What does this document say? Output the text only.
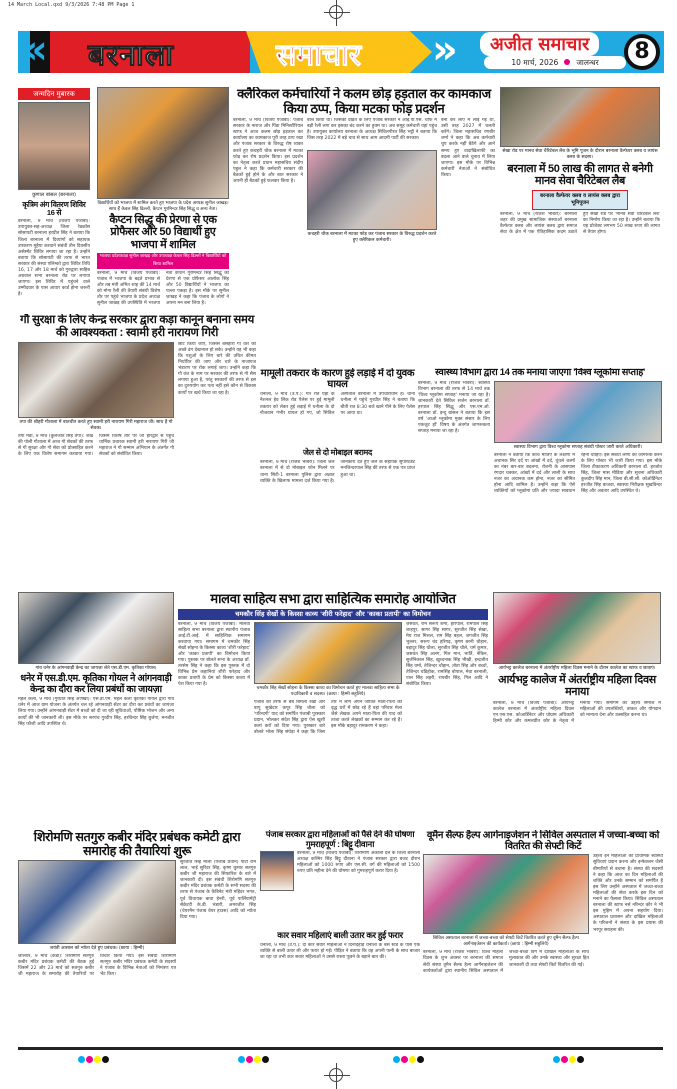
14 March Local.qxd 9/3/2026 7:48 PM Page 1
«	»
बरनाला	समाचार	अजीत समाचार
10 मार्च, 2026 जालन्धर	8
जन्मदिन मुबारक
कुणाल बांसल (बरनाला)
कृत्रिम अंग वितरण शिविर 16 से
बरनाला, 9 मार्च (विजय पंजाबी): उपायुक्त-सह-अध्यक्ष जिला रेडक्रॉस सोसायटी बरनाला हरप्रीत सिंह ने बताया कि जिला बरनाला में दिव्यांगों को सहायक उपकरण मुहैया करवाने संबंधी तीन दिवसीय असेस्मेंट शिविर लगाया जा रहा है। उन्होंने बताया कि सोसायटी की तरफ से भारत सरकार की संस्था एलिम्को द्वारा शिविर तिथि 16, 17 और 18 मार्च को गुरुद्वारा साहिब अग्रवाल सभा बरनाला रोड पर लगाया जाएगा। इस शिविर में पहुंचने वाले उम्मीदवार के पास आधार कार्ड होना जरूरी है।
विद्यार्थियों को भाजपा में शामिल करते हुए भाजपा के प्रदेश अध्यक्ष सुनील जाखड़। साथ हैं केवल सिंह ढिल्लों, कैप्टन गुरमिन्दर सिंह सिद्धू व अन्य नेता।
कैप्टन सिद्धू की प्रेरणा से एक प्रोफैसर और 50 विद्यार्थी हुए भाजपा में शामिल
भाजपा प्रदेशाध्यक्ष सुनील जाखड़ और उपाध्यक्ष केवल सिंह ढिल्लों ने विद्यार्थियों को किया शामिल
बरनाला, 9 मार्च (विजय पंजाबी): पंजाब में भाजपा के बढ़ते प्रभाव से और तब मंत्री अमित शाह की 14 मार्च को मोगा रैली की तैयारी संबंधी विशेष तौर पर पहुंचे भाजपा के प्रदेश अध्यक्ष सुनील जाखड़ की उपस्थिति में भाजपा नेता कैप्टन गुरमिन्दर सिंह सिद्धू की प्रेरणा से एक प्रोफैसर आलोक सिंह और 50 विद्यार्थियों ने भाजपा का पल्ला पकड़ा है। इस मौके पर सुनील जाखड़ ने कहा कि पंजाब के लोगों ने अपना मन बना लिया है।
क्लैरिकल कर्मचारियों ने कलम छोड़ हड़ताल कर कामकाज किया ठप्प, किया मटका फोड़ प्रदर्शन
बरनाला, 9 मार्च (विजय पंजाबी): पंजाब सरकार के नाराज और पिंडा मिनिस्टीरियल स्टाफ ने आज कलम छोड़ हड़ताल कर कार्यालय का कामकाज पूरी तरह ठप्प रखा और पंजाब सरकार के विरुद्ध रोष व्यक्त करते हुए कचहरी चौक बरनाला में मटका फोड़ कर रोष प्रदर्शन किया। इस प्रदर्शन का नेतृत्व करते प्रधान महासचिव संदीप पहुल ने कहा कि कर्मचारी सरकार की बैठकों हुई होने के और बात सरकार ने अपनी ही बैठकों हुई फलवार किया है।
बात्त किया था। जिसको देखते के लिए पंजाब सरकार ने आई.पी.एस. चीफ में बड़ी रैली लगा कर इसका बंद करने का हुक्म था। अब समूह कर्मचारी यहां पहुंच है। उपायुक्त कार्यालय बरनाला के अध्यक्ष सिविलपीरत सिंह भट्टी ने बताया कि जिस तरह 2022 में बड़े चाव से साथ आम आदमी पार्टी की सरकार।
कचहरी चौक बरनाला में मटका फोड़ कर पंजाब सरकार के विरुद्ध प्रदर्शन करते हुए क्लैरिकल कर्मचारी।
बना कर लाए में लाई गई थी, उसी तरह 2027 में चलती करेंगे। जिला महासचिव रणबीर शर्मा ने कहा कि अब कर्मचारी चुप करके नहीं बैठेंगे और आने समय हुए वादाखिलाफी का बदला आने वाले चुनाव में लिया जाएगा। इस मौके पर विभिन्न कर्मचारी नेताओं ने संबोधित किया।
सेखा रोड पर मानव सेवा चैरिटेबल लैब के भूमि पूजन के दौरान बरनाला वैल्फेयर क्लब व लायंस क्लब के सदस्य।
बरनाला में 50 लाख की लागत से बनेगी मानव सेवा चैरिटेबल लैब
बरनाला वैल्फेयर क्लब व लायंस क्लब द्वारा भूमिपूजन
बरनाला, 9 मार्च (राजेश भांबरी): बरनाला शहर की प्रमुख सामाजिक संस्थाओं बरनाला वैल्फेयर क्लब और लायंस क्लब द्वारा समाज सेवा के क्षेत्र में एक ऐतिहासिक कदम उठाते हुए सेखा रोड पर 'मानव सेवा चैरिटेबल लैब' का निर्माण किया जा रहा है। उन्होंने बताया कि यह प्रोजेक्ट लगभग 50 लाख रुपए की लागत से तैयार होगा।
गौ सुरक्षा के लिए केन्द्र सरकार द्वारा कड़ा कानून बनाना समय की आवश्यकता : स्वामी हरी नारायण गिरी
तपा की श्रीहरी गौशाला में बातचीत करते हुए स्वामी हरी नारायण गिरी महाराज जी। साथ हैं गौ सेवक।
तपा मंडी, 9 मार्च (कुलजीत सिंह तपा): शेख की पोली गौशाला में आज गौ सेवकों की तरफ से गौ सुरक्षा और गौ सेवा को प्रोत्साहित करने के लिए एक विशेष समागम करवाया गया। जिसमें विशेष तौर पर जो हरिद्वार से पहुंचे धार्मिक प्रचारक स्वामी हरी नारायण गिरी जी महाराज ने गौ सम्मान अभियान के अंतर्गत गौ सेवकों को संबोधित किया।
छांट किया जाए, जिससे बेसहारा गौ वंश को अच्छे ढंग देखभाल हो सके। उन्होंने यह भी कहा कि पशुओं के लिए चारे की उचित कीमत निर्धारित की जाए और चारे के नाजायज भंडारण पर रोक लगाई जाए। उन्होंने कहा कि गौ वंश के नाम पर सरकार की तरफ से गौ सैस लगाया हुआ है, परंतु सरकारों की तरफ से इस का दुरुपयोग कर पता नहीं इसे कौन से विकास कार्यों पर खर्च किया जा रहा है।
मामूली तकरार के कारण हुई लड़ाई में दो युवक घायल
धनौला, 9 मार्च (उ.प.): गत रात यहां के नैशनल हेव लिंक रोड पैलेस पर हुई मामूली तकरार को लेकर हुई लड़ाई में धनौला के दो नौजवान गंभीर घायल हो गए, जो सिविल अस्पताल बरनाला में उपचाराधीन हैं। थाना धनौला में पहुंचे गुरप्रीत सिंह ने बताया कि बीती रात 8:30 बजे खाने पीने के लिए पैलेस पर आया था।
जेल से दो मोबाइल बरामद
बरनाला, 9 मार्च (राजेश भांबरी): जिला जेल बरनाला में से दो मोबाइल फोन मिलने पर थाना सिटी-1 बरनाला पुलिस द्वारा अज्ञात व्यक्ति के खिलाफ मामला दर्ज किया गया है। जानकारी देते हुए जेल के सहायक सुपरिंटेंडेंट मनजिन्दरपाल सिंह की तरफ से एक पत्र प्राप्त हुआ था।
स्वास्थ्य विभाग द्वारा 14 तक मनाया जाएगा 'विश्व ग्लूकोमा सप्ताह'
बरनाला, 9 मार्च (राजेश भांबरी): स्वास्थ्य विभाग बरनाला की तरफ से 14 मार्च तक 'विश्व ग्लूकोमा सप्ताह' मनाया जा रहा है। जानकारी देते सिविल सर्जन बरनाला डॉ. हरपाल सिंह सिद्धू और एस.एम.ओ. बरनाला डॉ. इन्दु बांसल ने बताया कि इस वर्ष 'आओ ग्लूकोमा मुक्त संसार के लिए एकजुट हों' विषय के अंतर्गत जागरूकता सप्ताह मनाया जा रहा है।
स्वास्थ्य विभाग द्वारा विश्व ग्लूकोमा सप्ताह संबंधी पोस्टर जारी करते अधिकारी।
बरनाला ने बताया कि कांचे मोतिए के लक्षणों में अचानक सिर दर्द या आंखों में दर्द, धुंधले चश्मों का नंबर बार-बार बदलना, रोशनी के आसपास रंगदार चक्कर, आंखों में दर्द और लाली के साथ नजर का अचानक कम होना, नजर का सीमित होना आदि शामिल है। उन्होंने कहा कि ऐसे व्यक्तियों को ग्लूकोमा प्रति और ज्यादा सावधान रहना चाहिए। इस संबंधी लोगों को जागरूक करने के लिए पोस्टर भी जारी किया गया। इस मौके जिला टीकाकरण अधिकारी बरनाला डॉ. हरजोत सिंह, जिला मास मीडिया और सूचना अधिकारी कुलदीप सिंह मान, जिला बी.सी.सी. कोऑर्डिनेटर हरजीत सिंह बाजवा, स्वास्थ्य निरीक्षक सुखविन्दर सिंह और अवतार आदि उपस्थित थे।
गांव धनेर के आंगनवाड़ी केन्द्र का जायज़ा लेते एस.डी.एम. कृतिका गोयल।
धनेर में एस.डी.एम. कृतिका गोयल ने आंगनवाड़ी केन्द्र का दौरा कर लिया प्रबंधों का जायज़ा
महल कलां, 9 मार्च (गुरप्रीत सिंह अणखी): एस.डी.एम. महल कलां कृतिका गोयल द्वारा गांव धनेर में आज ग्राम योजना के अंतर्गत चल रहे आंगनवाड़ी सेंटर का दौरा कर प्रबंधों का जायज़ा लिया गया। उन्होंने आंगनवाड़ी सेंटर में बच्चों को दी जा रही सुविधाओं, पौष्टिक भोजन और अन्य कार्यों की भी जानकारी ली। इस मौके पर सरपंच गुरदीप सिंह, हरविन्दर सिंह बुर्जगा, मनजीत सिंह फौजी आदि उपस्थित थे।
मालवा साहित्य सभा द्वारा साहित्यिक समारोह आयोजित
चमकौर सिंह सेखों के किस्सा काव्य 'शीरी फरेहाद' और 'काका प्रतापी' का विमोचन
बरनाला, 9 मार्च (विजय पंजाबी): मालवा साहित्य सभा बरनाला द्वारा स्थानीय पंजाब आई.टी.आई. में साहित्यिक समागम करवाया गया। समागम में चमकौर सिंह सेखों सोहना के किस्सा काव्य 'शीरी फरेहाद' और 'काका प्रतापी' का विमोचन किया गया। पुस्तक पर बोलते सभा के अध्यक्ष डॉ. तरसेम सिंह ने कहा कि इस पुस्तक में दो विभिन्न प्रेम कहानियां शीरी फरेहाद और काका प्रतापी के प्रेम को किस्सा काव्य में पेश किया गया है।
चमकौर सिंह सेखों सोहना के किस्सा काव्य का विमोचन करते हुए मालवा साहित्य सभा के पदाधिकारी व सदस्य। (छाया : हिम्मी सहुलिये)
पंजाब को तरफ से बेबे बिमला रेखी और बापू सुखेदार कपूर सिंह चौला को 'परिन्दगी' याद को समर्पित पंजाबी पुरस्कार प्रदान, भोलकर संदेश सिंह द्वारा ऐस खुशी कलां करों को दिया गया। पुरस्कार बारे बोलते भोला सिंह संघेड़ा ने कहा कि जिस तौर में लोग अपने जीवित माता-पिता को वृद्ध घरों में छोड़ रहे हैं वहां परिवार मेला जैसे लेखक अपने माता-पिता की याद को ताजा करते लेखकों का सम्मान कर रहे हैं। इस मौके बहादुर रामकरण ने कहा।
जसवंत, राम सरूप शर्मा, हरिपाल, रामपाल सिंह शाहपुर, सागर सिंह सागर, सुरजीत सिंह सेखा, मेघ राज मित्तल, राम सिंह बहल, जगजीत सिंह भुल्लर, सरूप चंद हरिगढ़, कृष्ण बरनी चौहान, बहादुर सिंह धौला, सुरजीत सिंह चौले, धर्म कुमार, जसवंत सिंह अलग, गिल मान, भार्ति, नेकिन, सुर्जनिकाल सिंह, खुश्दनाक सिंह भीखी, इन्द्रजीत सिंह वर्मा, तेजिन्दर चौहान, तोता सिंह और बच्चों, तेजिन्दर चंडिहोक, रामसिंह बोपाल, मेवा बरनाली, पाल सिंह लहरी, रायबीर सिंह, गिल आदि ने संबोधित किया।
आर्यभट्ट कालेज बरनाला में अंतर्राष्ट्रीय महिला दिवस मनाने के दौरान कालेज का स्टाफ व छात्राएं।
आर्यभट्ट कालेज में अंतर्राष्ट्रीय महिला दिवस मनाया
बरनाला, 9 मार्च (विजय पंजाबी): आर्यभट्ट कालेज बरनाला में अंतर्राष्ट्रीय महिला दिवस एन.एस.एस. कोआर्डिनेटर और प्रोग्राम अधिकारी हिम्मी कौर और कमलप्रीत कौर के नेतृत्व में मनाया गया। समागम का उद्देश्य समाज में महिलाओं की उपलब्धियों, ताकत और योगदान को मान्यता देना और उत्साहित करना था।
शिरोमणि सतगुरु कबीर मंदिर प्रबंधक कमेटी द्वारा समारोह की तैयारियां शुरू
जयंती आसाल को न्योता देते हुए प्रबंधक। (छाया : हिम्मी)
जालंधर, 9 मार्च (कैंडी): शिरोमणि सतगुरु कबीर मंदिर प्रबंधक कमेटी की बैठक हुई जिसमें 22 और 23 मार्च को सतगुरु कबीर जी महाराज के समारोह की तैयारियों पर विचार किया गया। इस संबंधी शिरोमणि सतगुरु कबीर मंदिर प्रबंधक कमेटी के सदस्यों ने पंजाब के विभिन्न नेताओं को निमंत्रण पत्र भेंट किए।
सुरजीत सिंह मौली (पंजाब प्रधान) पार्टी राम लाल, भाई सुरिंदर सिंह, कृष्ण कुमार सतगुरु कबीर जी महाराज की सिफारिश के बारे में जानकारी दी। इस संबंधी शिरोमणि सतगुरु कबीर मंदिर प्रबंधक कमेटी के सभी सदस्य की तरफ से पंजाब के कैबिनेट मंत्री महिंदर भगत, पूर्व विधायक बावा हेनरी, पूर्व पार्लियामेंट्री सेक्रेटरी के.डी. भंडारी, अमरजीत सिंह (चेयरमैन पंजाब वेयर हाउस) आदि को न्योता दिया गया।
पंजाब सरकार द्वारा महिलाओं को पैसे देने की घोषणा गुमराहपूर्ण : बिट्टू दीवाना
बरनाला, 9 मार्च (विजय पंजाबी): शिरोमणि अकाली दल के जिला बरनाला अध्यक्ष कश्मिर सिंह बिट्टू दीवाना ने पंजाब सरकार द्वारा बजट दौरान महिलाओं को 1000 रुपए और एस.सी. वर्ग की महिलाओं को 1500 रुपए प्रति महीना देने की घोषणा को गुमराहपूर्ण करार दिया है।
कार सवार महिलाएं बाली उतार कर हुई फरार
धनौला, 9 मार्च (उ.प.): दो कार सवार महिलाओं ने दिनदिहाड़े धनौला के बस स्टैंड के पास एक व्यक्ति से बाली उतार ली और फरार हो गईं। पीड़ित ने बताया कि वह अपनी पत्नी के साथ बाजार जा रहा था तभी कार सवार महिलाओं ने उससे रास्ता पूछने के बहाने बात की।
वूमैन सैल्फ हैल्प आर्गेनाइजेशन ने सिविल अस्पताल में जच्चा-बच्चा को वितरित की सेफ्टी किटें
सिविल अस्पताल बरनाला में जच्चा-बच्चा को सेफ्टी किटें वितरित करते हुए वूमैन सैल्फ हैल्प आर्गेनाइजेशन की कार्यकर्ता। (छाया : हिम्मी सहुलिये)
बरनाला, 9 मार्च (राजेश भांबरी): विश्व महिला दिवस के शुभ अवसर पर बरनाला की समाज सेवी संस्था वूमैन सैल्फ हैल्प आर्गेनाइजेशन की कार्यकर्ताओं द्वारा स्थानीय सिविल अस्पताल में जच्चा-बच्चा विंग में दाखिल महिलाओं के साथ मुलाकात की और उनके स्वास्थ्य और सुरक्षा हित जानकारी दी तथा सेफ्टी किटें वितरित की गईं।
उद्देश्य इन महिलाओं को प्राथमिक स्वास्थ्य सुविधाएं प्रदान करना और इन्फेक्शन जैसी बीमारियों से बचाना है। संस्था की सदस्यों ने कहा कि आज का दिन महिलाओं की शक्ति और उनके सम्मान को समर्पित है इस लिए उन्होंने अस्पताल में जच्चा-बच्चा महिलाओं की सेवा करके इस दिन को मनाने का फैसला किया। सिविल अस्पताल बरनाला की स्टाफ नर्स नरिन्दर कौर ने भी इस मुहिम में अपना सहयोग दिया। अस्पताल प्रशासन और दाखिल महिलाओं के परिजनों ने संस्था के इस प्रयास की भरपूर सराहना की।
